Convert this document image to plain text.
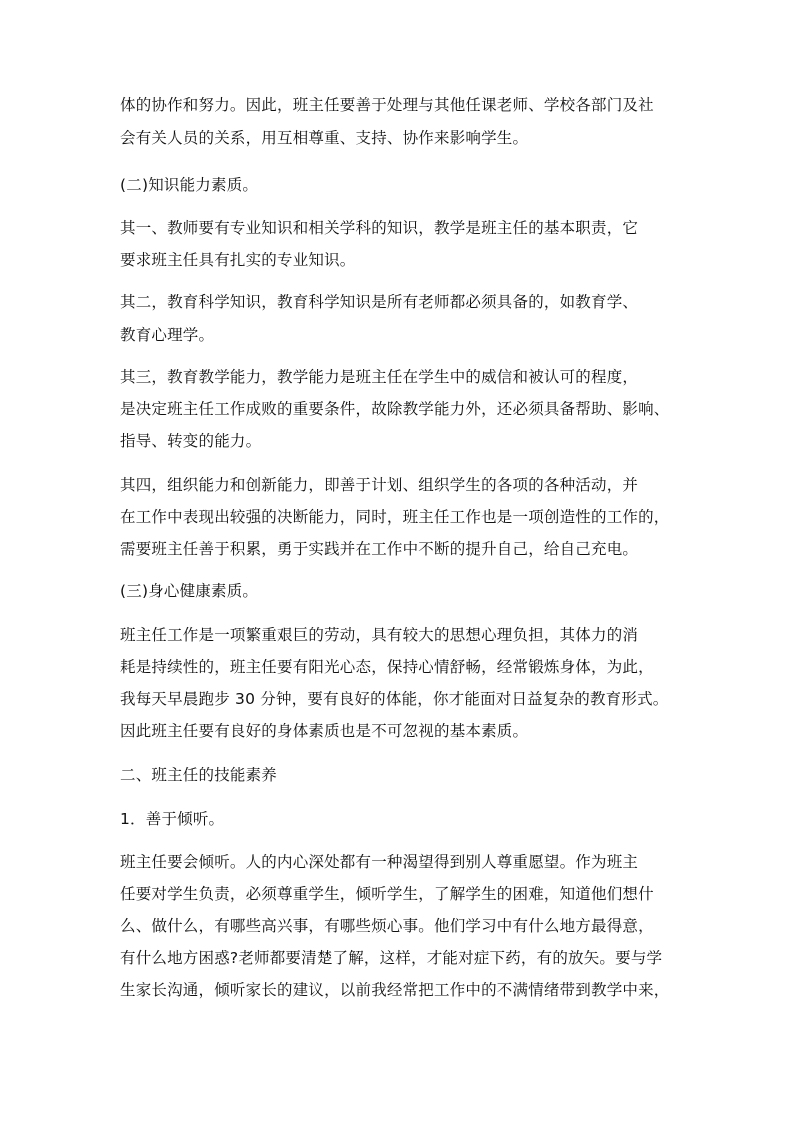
体的协作和努力。因此，班主任要善于处理与其他任课老师、学校各部门及社
会有关人员的关系，用互相尊重、支持、协作来影响学生。
(二)知识能力素质。
其一、教师要有专业知识和相关学科的知识，教学是班主任的基本职责，它
要求班主任具有扎实的专业知识。
其二，教育科学知识，教育科学知识是所有老师都必须具备的，如教育学、
教育心理学。
其三，教育教学能力，教学能力是班主任在学生中的威信和被认可的程度，
是决定班主任工作成败的重要条件，故除教学能力外，还必须具备帮助、影响、
指导、转变的能力。
其四，组织能力和创新能力，即善于计划、组织学生的各项的各种活动，并
在工作中表现出较强的决断能力，同时，班主任工作也是一项创造性的工作的，
需要班主任善于积累，勇于实践并在工作中不断的提升自己，给自己充电。
(三)身心健康素质。
班主任工作是一项繁重艰巨的劳动，具有较大的思想心理负担，其体力的消
耗是持续性的，班主任要有阳光心态，保持心情舒畅，经常锻炼身体，为此，
我每天早晨跑步 30 分钟，要有良好的体能，你才能面对日益复杂的教育形式。
因此班主任要有良好的身体素质也是不可忽视的基本素质。
二、班主任的技能素养
1．善于倾听。
班主任要会倾听。人的内心深处都有一种渴望得到别人尊重愿望。作为班主
任要对学生负责，必须尊重学生，倾听学生，了解学生的困难，知道他们想什
么、做什么，有哪些高兴事，有哪些烦心事。他们学习中有什么地方最得意，
有什么地方困惑?老师都要清楚了解，这样，才能对症下药，有的放矢。要与学
生家长沟通，倾听家长的建议，以前我经常把工作中的不满情绪带到教学中来，
